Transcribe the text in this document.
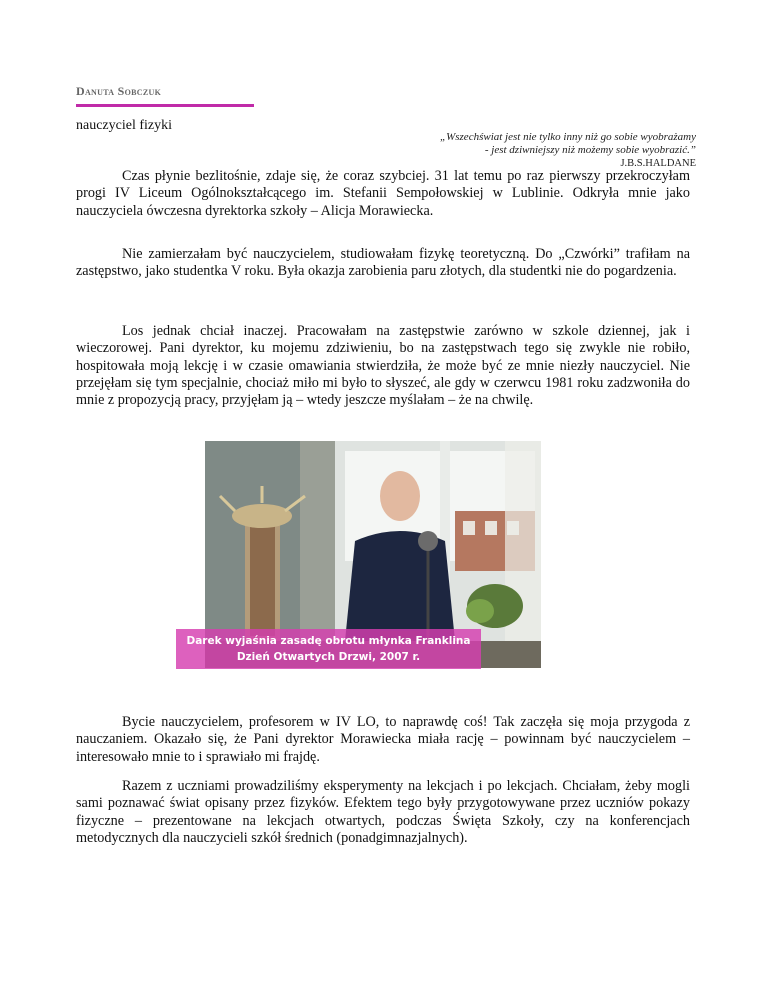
Danuta Sobczuk
nauczyciel fizyki
„Wszechświat jest nie tylko inny niż go sobie wyobrażamy
- jest dziwniejszy niż możemy sobie wyobrazić.”
J.B.S.HALDANE

Czas płynie bezlitośnie, zdaje się, że coraz szybciej. 31 lat temu po raz pierwszy przekroczyłam progi IV Liceum Ogólnokształcącego im. Stefanii Sempołowskiej w Lublinie. Odkryła mnie jako nauczyciela ówczesna dyrektorka szkoły – Alicja Morawiecka.

Nie zamierzałam być nauczycielem, studiowałam fizykę teoretyczną. Do „Czwórki” trafiłam na zastępstwo, jako studentka V roku. Była okazja zarobienia paru złotych, dla studentki nie do pogardzenia.

Los jednak chciał inaczej. Pracowałam na zastępstwie zarówno w szkole dziennej, jak i wieczorowej. Pani dyrektor, ku mojemu zdziwieniu, bo na zastępstwach tego się zwykle nie robiło, hospitowała moją lekcję i w czasie omawiania stwierdziła, że może być ze mnie niezły nauczyciel. Nie przejęłam się tym specjalnie, chociaż miło mi było to słyszeć, ale gdy w czerwcu 1981 roku zadzwoniła do mnie z propozycją pracy, przyjęłam ją – wtedy jeszcze myślałam – że na chwilę.

Darek wyjaśnia zasadę obrotu młynka Franklina
Dzień Otwartych Drzwi, 2007 r.

Bycie nauczycielem, profesorem w IV LO, to naprawdę coś! Tak zaczęła się moja przygoda z nauczaniem. Okazało się, że Pani dyrektor Morawiecka miała rację – powinnam być nauczycielem – interesowało mnie to i sprawiało mi frajdę.

Razem z uczniami prowadziliśmy eksperymenty na lekcjach i po lekcjach. Chciałam, żeby mogli sami poznawać świat opisany przez fizyków. Efektem tego były przygotowywane przez uczniów pokazy fizyczne – prezentowane na lekcjach otwartych, podczas Święta Szkoły, czy na konferencjach metodycznych dla nauczycieli szkół średnich (ponadgimnazjalnych).
